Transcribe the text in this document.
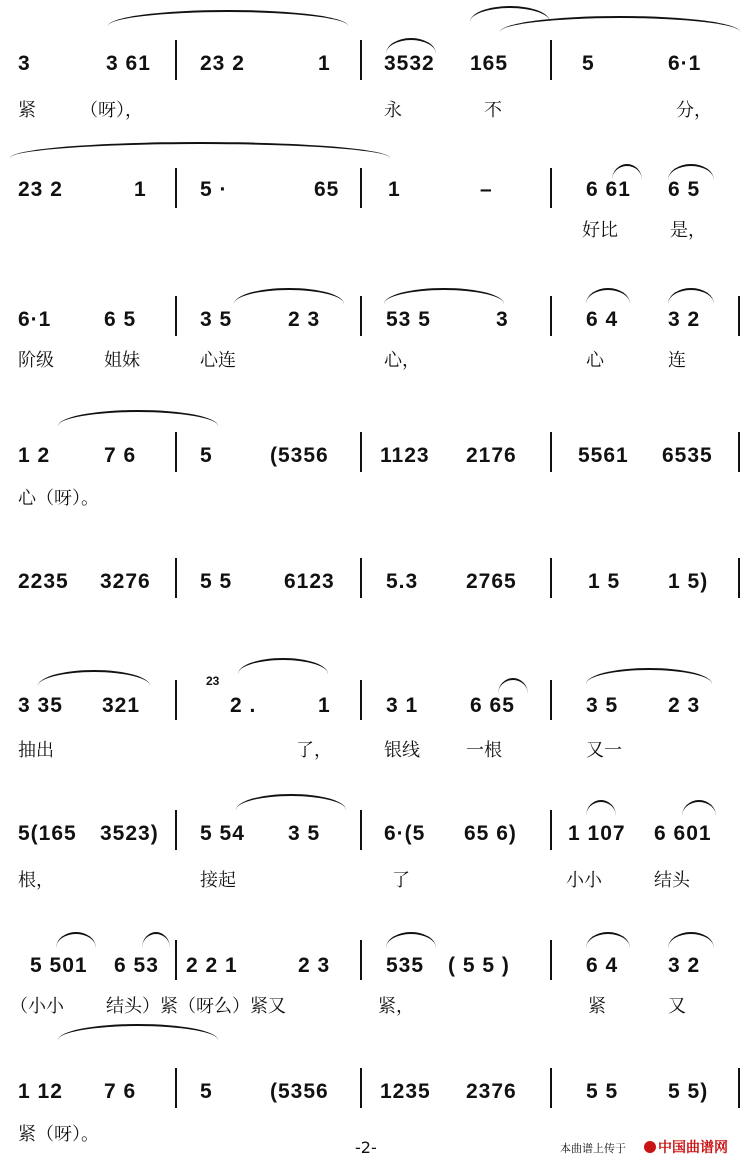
3	3 61 23 2	1	3532 165	5	6·1
紧 （呀），	永	不	分，
23 2	1	5 ·	65 1	–	6 61 6 5
好比	是，
6·1	6 5	3 5	2 3	53 5	3	6 4 3 2
阶级	姐妹	心连	心，	心	连
1 2	7 6	5	(5356 1123 2176	5561 6535
心（呀）。
2235 3276 5 5 6123 5.3 2765	1 5 1 5)
3 35 321
23
2 .	1	3 1 6 65	3 5 2 3
抽出	了，	银线	一根	又一
5(165 3523) 5 54 3 5	6·(5 65 6) 1 107 6 601
根，	接起	了	小小	结头
5 501 6 53 2 2 1	2 3	535 ( 5 5 )	6 4 3 2
（小小 结头）紧（呀么）紧又	紧，	紧	又
1 12 7 6	5	(5356 1235 2376	5 5 5 5)
紧（呀）。
-2-	本曲谱上传于	中国曲谱网
